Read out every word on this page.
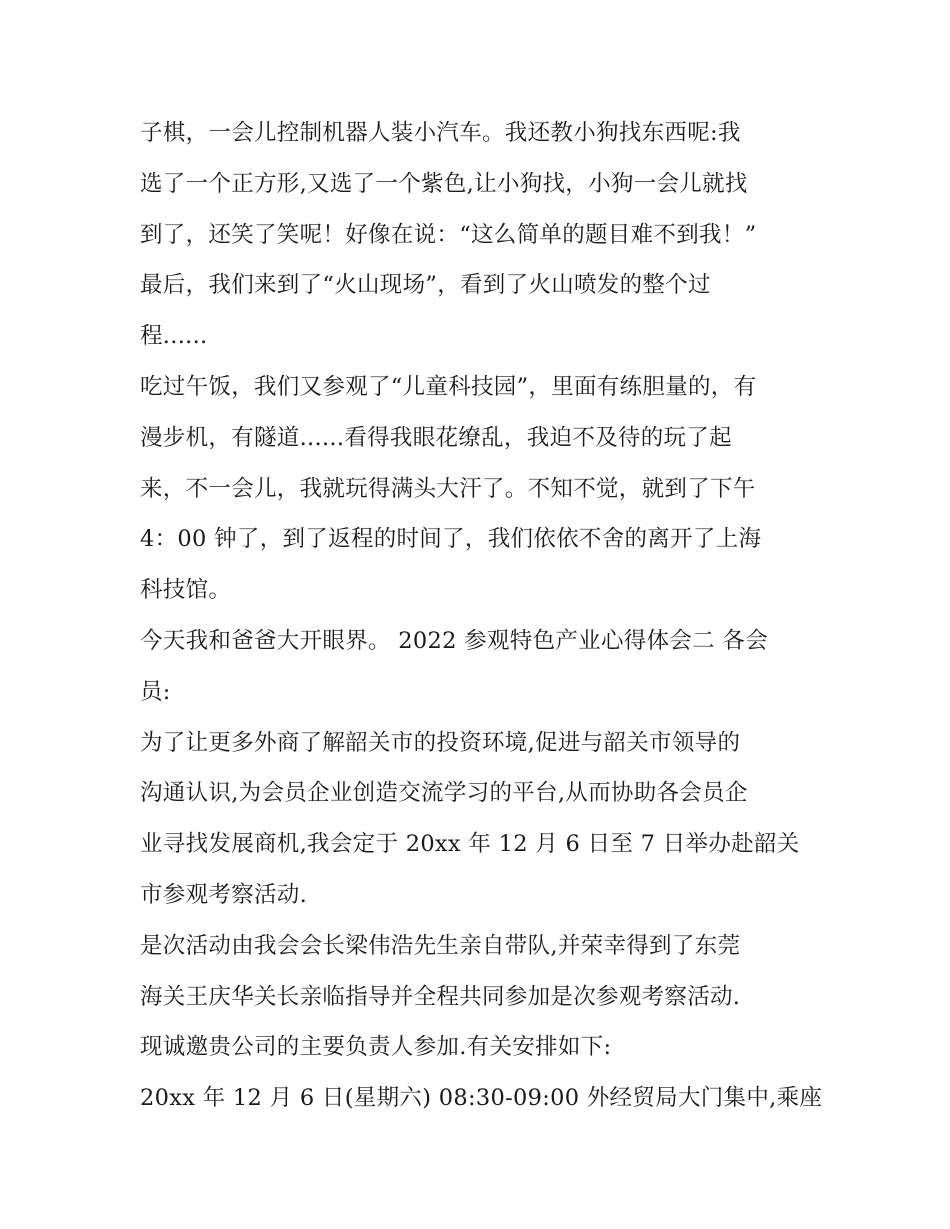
子棋，一会儿控制机器人装小汽车。我还教小狗找东西呢:我
选了一个正方形,又选了一个紫色,让小狗找，小狗一会儿就找
到了，还笑了笑呢！好像在说：“这么简单的题目难不到我！”
最后，我们来到了“火山现场”，看到了火山喷发的整个过
程......
吃过午饭，我们又参观了“儿童科技园”，里面有练胆量的，有
漫步机，有隧道......看得我眼花缭乱，我迫不及待的玩了起
来，不一会儿，我就玩得满头大汗了。不知不觉，就到了下午
4：00 钟了，到了返程的时间了，我们依依不舍的离开了上海
科技馆。
今天我和爸爸大开眼界。 2022 参观特色产业心得体会二 各会
员:
为了让更多外商了解韶关市的投资环境,促进与韶关市领导的
沟通认识,为会员企业创造交流学习的平台,从而协助各会员企
业寻找发展商机,我会定于 20xx 年 12 月 6 日至 7 日举办赴韶关
市参观考察活动.
是次活动由我会会长梁伟浩先生亲自带队,并荣幸得到了东莞
海关王庆华关长亲临指导并全程共同参加是次参观考察活动.
现诚邀贵公司的主要负责人参加.有关安排如下:
20xx 年 12 月 6 日(星期六) 08:30-09:00 外经贸局大门集中,乘座
